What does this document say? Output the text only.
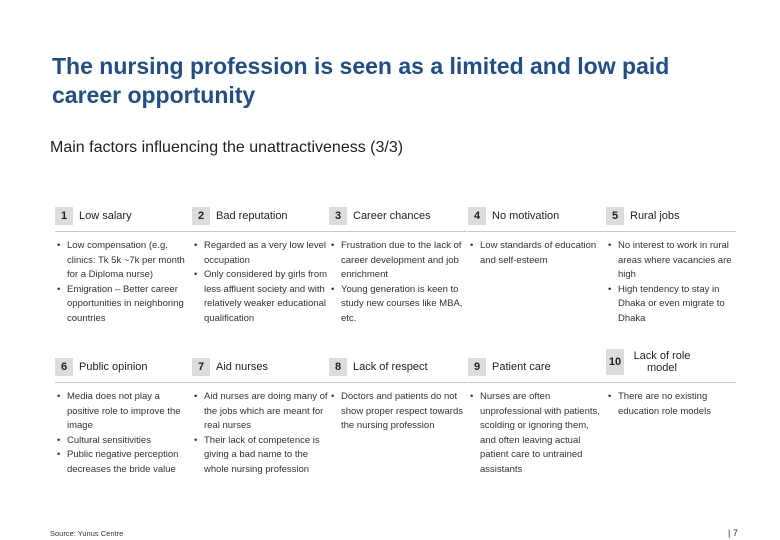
The nursing profession is seen as a limited and low paid career opportunity
Main factors influencing the unattractiveness (3/3)
1	Low salary
• Low compensation (e.g. clinics: Tk 5k ~7k per month for a Diploma nurse)
• Emigration – Better career opportunities in neighboring countries
2	Bad reputation
• Regarded as a very low level occupation
• Only considered by girls from less affluent society and with relatively weaker educational qualification
3	Career chances
• Frustration due to the lack of career development and job enrichment
• Young generation is keen to study new courses like MBA, etc.
4	No motivation
• Low standards of education and self-esteem
5	Rural jobs
• No interest to work in rural areas where vacancies are high
• High tendency to stay in Dhaka or even migrate to Dhaka
6	Public opinion
• Media does not play a positive role to improve the image
• Cultural sensitivities
• Public negative perception decreases the bride value
7	Aid nurses
• Aid nurses are doing many of the jobs which are meant for real nurses
• Their lack of competence is giving a bad name to the whole nursing profession
8	Lack of respect
• Doctors and patients do not show proper respect towards the nursing profession
9	Patient care
• Nurses are often unprofessional with patients, scolding or ignoring them, and often leaving actual patient care to untrained assistants
10	Lack of role model
• There are no existing education role models
Source: Yunus Centre	| 7
